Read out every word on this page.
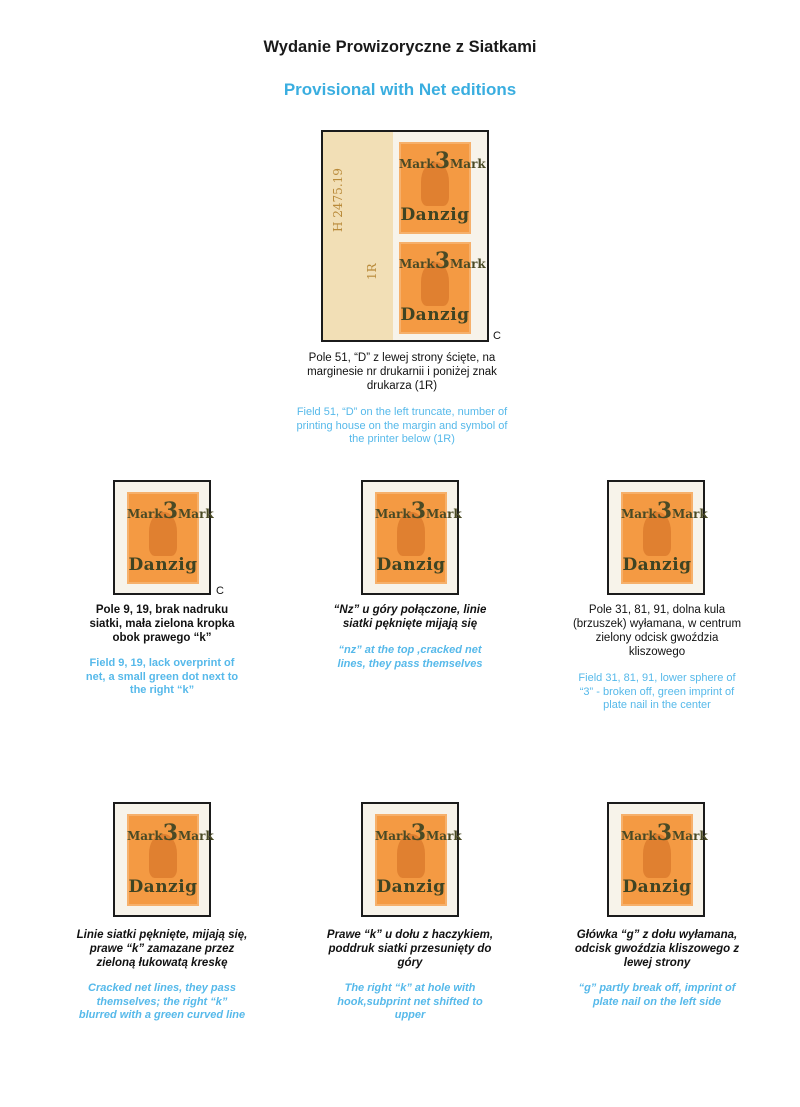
Wydanie Prowizoryczne z Siatkami
Provisional with Net editions
H 2475.19
1R
Mark3Mark
Danzig
Mark3Mark
Danzig
C
Pole 51, “D” z lewej strony ścięte, na
marginesie nr drukarnii i poniżej znak
drukarza (1R)
Field 51, “D” on the left truncate, number of
printing house on the margin and symbol of
the printer below (1R)
Mark3Mark
Danzig
C
Pole 9, 19, brak nadruku
siatki, mała zielona kropka
obok prawego “k”
Field 9, 19, lack overprint of
net, a small green dot next to
the right “k”
Mark3Mark
Danzig
“Nz” u góry połączone, linie
siatki pęknięte mijają się
“nz” at the top ,cracked net
lines, they pass themselves
Mark3Mark
Danzig
Pole 31, 81, 91, dolna kula
(brzuszek) wyłamana, w centrum
zielony odcisk gwoździa
kliszowego
Field 31, 81, 91, lower sphere of
“3” - broken off, green imprint of
plate nail in the center
Mark3Mark
Danzig
Linie siatki pęknięte, mijają się,
prawe “k” zamazane przez
zieloną łukowatą kreskę
Cracked net lines, they pass
themselves; the right “k”
blurred with a green curved line
Mark3Mark
Danzig
Prawe “k” u dołu z haczykiem,
poddruk siatki przesunięty do
góry
The right “k” at hole with
hook,subprint net shifted to
upper
Mark3Mark
Danzig
Główka “g” z dołu wyłamana,
odcisk gwoździa kliszowego z
lewej strony
“g” partly break off, imprint of
plate nail on the left side
